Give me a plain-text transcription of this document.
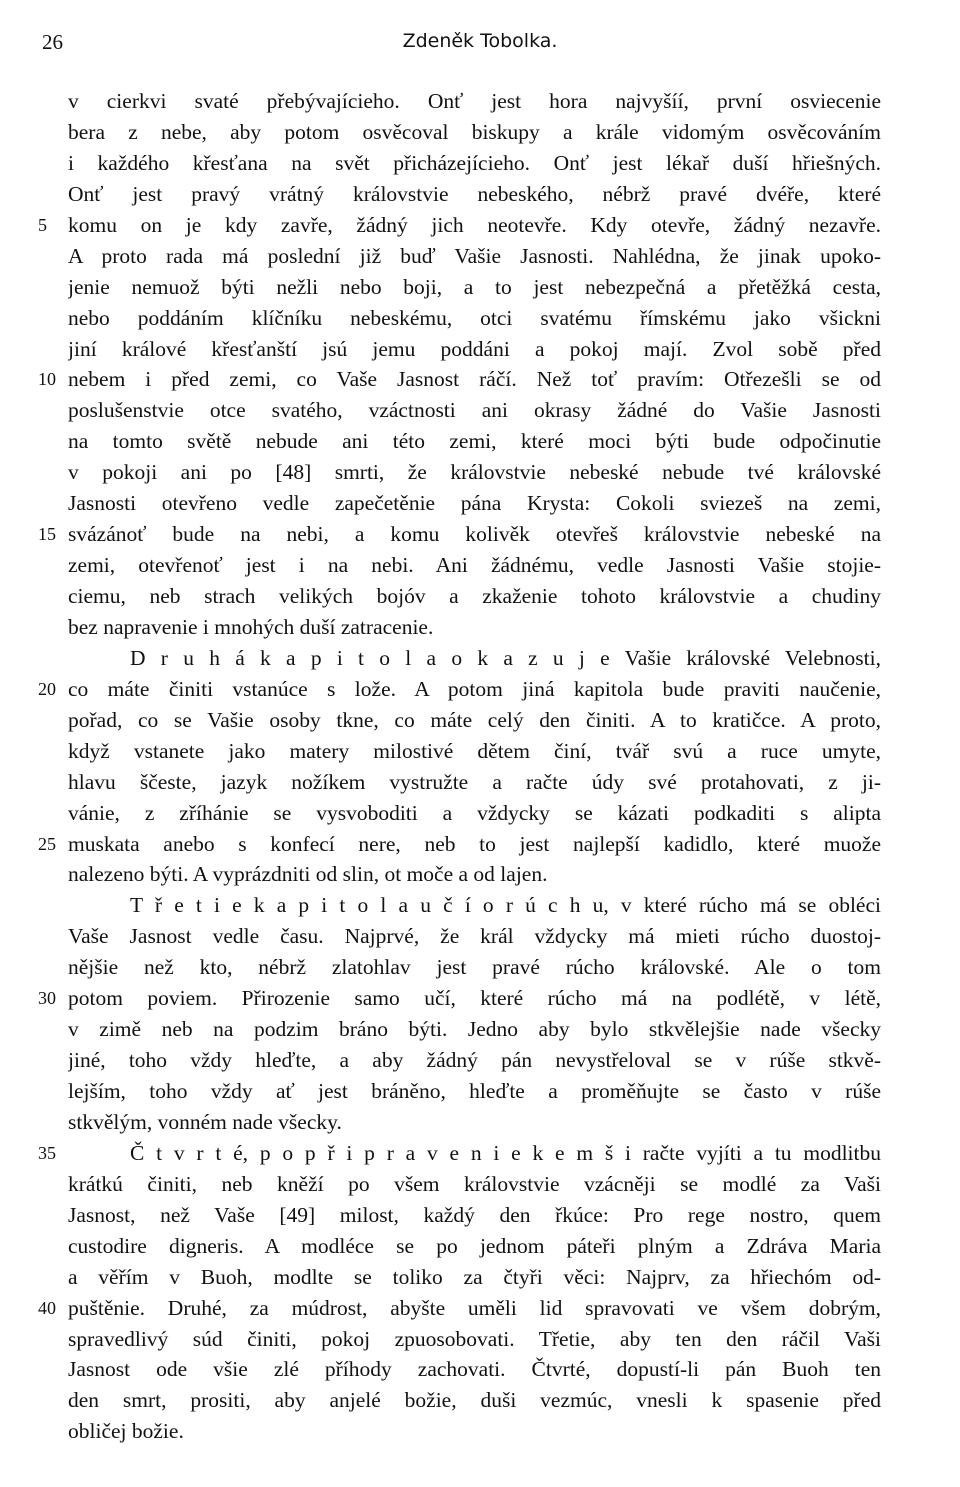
26	Zdeněk Tobolka.
v cierkvi svaté přebývajícieho. Onť jest hora najvyšíí, první osviecenie
bera z nebe, aby potom osvěcoval biskupy a krále vidomým osvěcováním
i každého křesťana na svět přicházejícieho. Onť jest lékař duší hřiešných.
Onť jest pravý vrátný královstvie nebeského, nébrž pravé dvéře, které
5 komu on je kdy zavře, žádný jich neotevře. Kdy otevře, žádný nezavře.
A proto rada má poslední již buď Vašie Jasnosti. Nahlédna, že jinak upoko-
jenie nemuož býti nežli nebo boji, a to jest nebezpečná a přetěžká cesta,
nebo poddáním klíčníku nebeskému, otci svatému římskému jako všickni
jiní králové křesťanští jsú jemu poddáni a pokoj mají. Zvol sobě před
10 nebem i před zemi, co Vaše Jasnost ráčí. Než toť pravím: Otřezešli se od
poslušenstvie otce svatého, vzáctnosti ani okrasy žádné do Vašie Jasnosti
na tomto světě nebude ani této zemi, které moci býti bude odpočinutie
v pokoji ani po [48] smrti, že královstvie nebeské nebude tvé královské
Jasnosti otevřeno vedle zapečetěnie pána Krysta: Cokoli sviezeš na zemi,
15 svázánoť bude na nebi, a komu kolivěk otevřeš královstvie nebeské na
zemi, otevřenoť jest i na nebi. Ani žádnému, vedle Jasnosti Vašie stojie-
ciemu, neb strach velikých bojóv a zkaženie tohoto královstvie a chudiny
bez napravenie i mnohých duší zatracenie.
D r u h á k a p i t o l a o k a z u j e Vašie královské Velebnosti,
20 co máte činiti vstanúce s lože. A potom jiná kapitola bude praviti naučenie,
pořad, co se Vašie osoby tkne, co máte celý den činiti. A to kratičce. A proto,
když vstanete jako matery milostivé dětem činí, tvář svú a ruce umyte,
hlavu ščeste, jazyk nožíkem vystružte a račte údy své protahovati, z ji-
vánie, z zříhánie se vysvoboditi a vždycky se kázati podkaditi s alipta
25 muskata anebo s konfecí nere, neb to jest najlepší kadidlo, které muože
nalezeno býti. A vyprázdniti od slin, ot moče a od lajen.
T ř e t i e k a p i t o l a u č í o r ú c h u, v které rúcho má se obléci
Vaše Jasnost vedle času. Najprvé, že král vždycky má mieti rúcho duostoj-
nějšie než kto, nébrž zlatohlav jest pravé rúcho královské. Ale o tom
30 potom poviem. Přirozenie samo učí, které rúcho má na podlétě, v létě,
v zimě neb na podzim bráno býti. Jedno aby bylo stkvělejšie nade všecky
jiné, toho vždy hleďte, a aby žádný pán nevystřeloval se v rúše stkvě-
lejším, toho vždy ať jest bráněno, hleďte a proměňujte se často v rúše
stkvělým, vonném nade všecky.
35	Č t v r t é, p o p ř i p r a v e n i e k e m š i račte vyjíti a tu modlitbu
krátkú činiti, neb kněží po všem královstvie vzácněji se modlé za Vaši
Jasnost, než Vaše [49] milost, každý den řkúce: Pro rege nostro, quem
custodire digneris. A modléce se po jednom páteři plným a Zdráva Maria
a věřím v Buoh, modlte se toliko za čtyři věci: Najprv, za hřiechóm od-
40 puštěnie. Druhé, za múdrost, abyšte uměli lid spravovati ve všem dobrým,
spravedlivý súd činiti, pokoj zpuosobovati. Třetie, aby ten den ráčil Vaši
Jasnost ode všie zlé příhody zachovati. Čtvrté, dopustí-li pán Buoh ten
den smrt, prositi, aby anjelé božie, duši vezmúc, vnesli k spasenie před
obličej božie.
